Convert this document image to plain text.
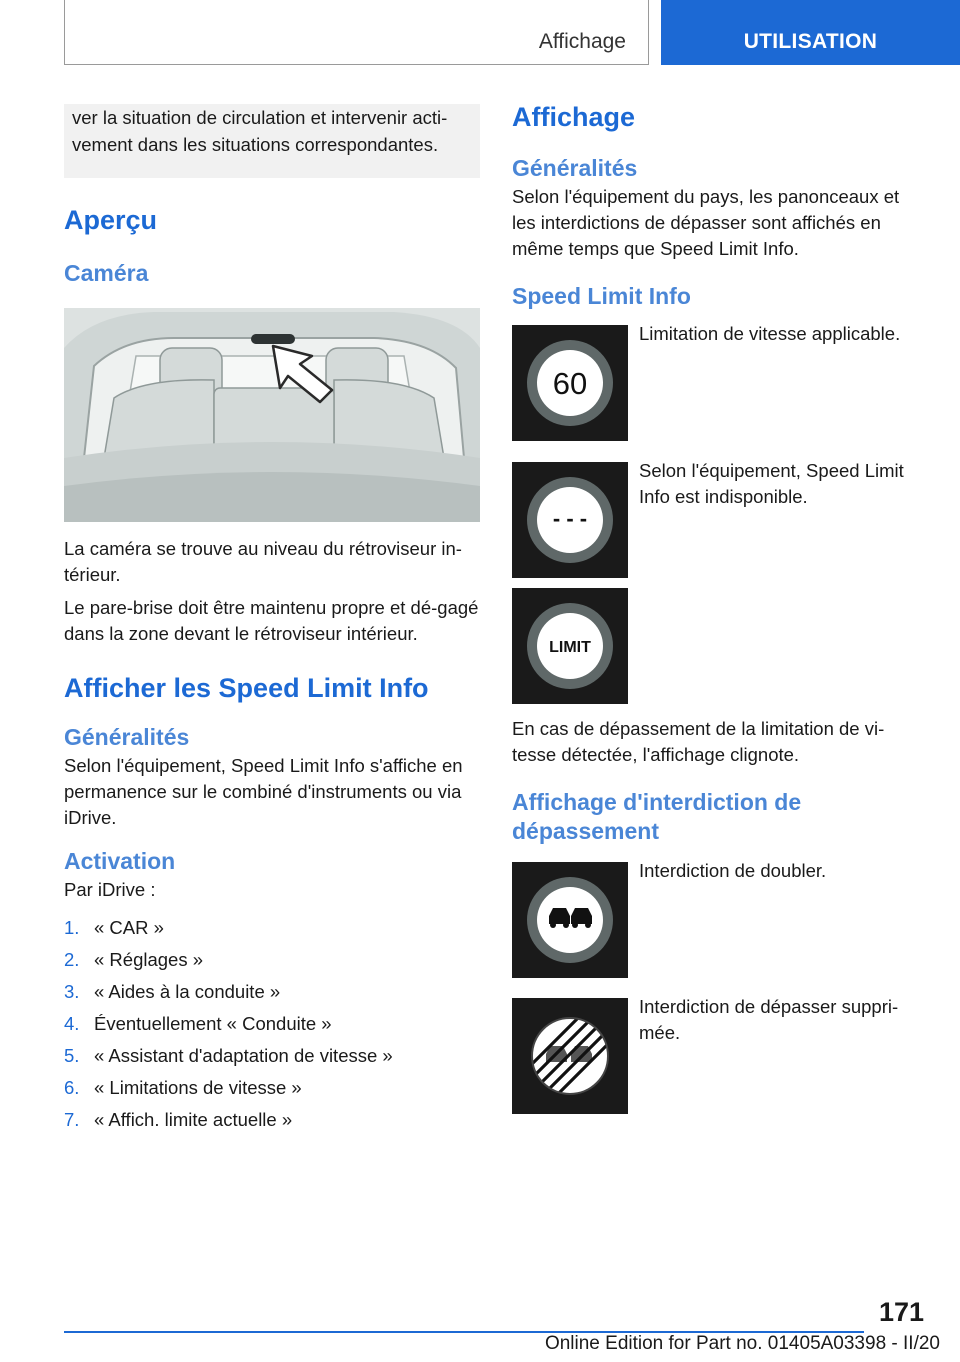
Affichage	UTILISATION
ver la situation de circulation et intervenir acti-vement dans les situations correspondantes.
Aperçu
Caméra
La caméra se trouve au niveau du rétroviseur in-térieur.
Le pare-brise doit être maintenu propre et dé-gagé dans la zone devant le rétroviseur intérieur.
Afficher les Speed Limit Info
Généralités
Selon l'équipement, Speed Limit Info s'affiche en permanence sur le combiné d'instruments ou via iDrive.
Activation
Par iDrive :
1. « CAR »
2. « Réglages »
3. « Aides à la conduite »
4. Éventuellement « Conduite »
5. « Assistant d'adaptation de vitesse »
6. « Limitations de vitesse »
7. « Affich. limite actuelle »
Affichage
Généralités
Selon l'équipement du pays, les panonceaux et les interdictions de dépasser sont affichés en même temps que Speed Limit Info.
Speed Limit Info
60
Limitation de vitesse applicable.
- - -
Selon l'équipement, Speed Limit Info est indisponible.
LIMIT
En cas de dépassement de la limitation de vi-tesse détectée, l'affichage clignote.
Affichage d'interdiction de dépassement
Interdiction de doubler.
Interdiction de dépasser suppri-mée.
171
Online Edition for Part no. 01405A03398 - II/20
